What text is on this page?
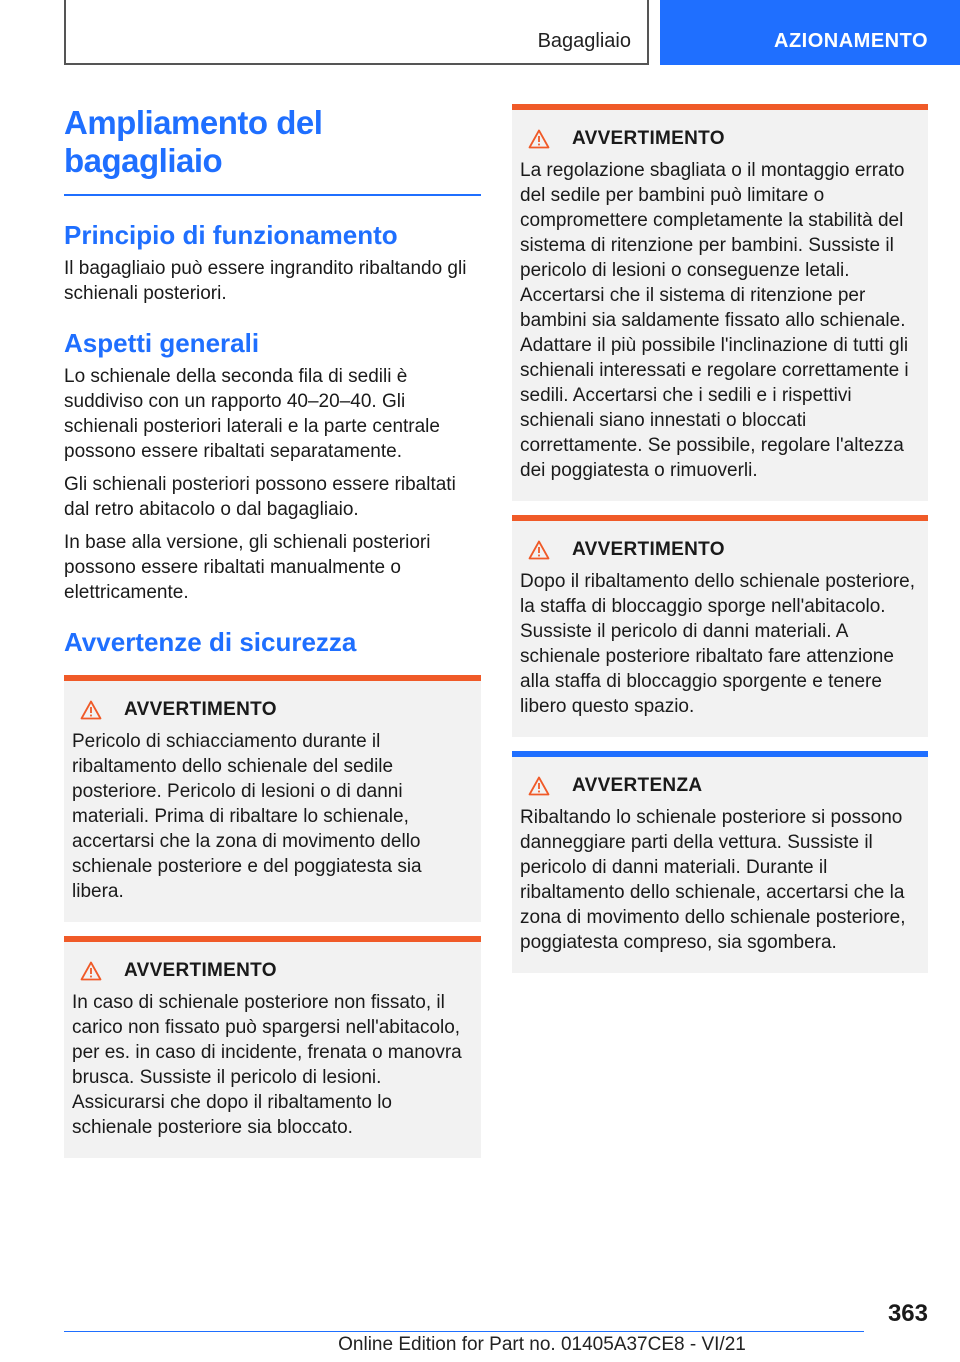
Bagagliaio	AZIONAMENTO
Ampliamento del bagagliaio
Principio di funzionamento

Il bagagliaio può essere ingrandito ribaltando gli schienali posteriori.

Aspetti generali

Lo schienale della seconda fila di sedili è suddiviso con un rapporto 40–20–40. Gli schienali posteriori laterali e la parte centrale possono essere ribaltati separatamente.

Gli schienali posteriori possono essere ribaltati dal retro abitacolo o dal bagagliaio.

In base alla versione, gli schienali posteriori possono essere ribaltati manualmente o elettricamente.

Avvertenze di sicurezza
AVVERTIMENTO

Pericolo di schiacciamento durante il ribaltamento dello schienale del sedile posteriore. Pericolo di lesioni o di danni materiali. Prima di ribaltare lo schienale, accertarsi che la zona di movimento dello schienale posteriore e del poggiatesta sia libera.

AVVERTIMENTO

In caso di schienale posteriore non fissato, il carico non fissato può spargersi nell'abitacolo, per es. in caso di incidente, frenata o manovra brusca. Sussiste il pericolo di lesioni. Assicurarsi che dopo il ribaltamento lo schienale posteriore sia bloccato.

AVVERTIMENTO

La regolazione sbagliata o il montaggio errato del sedile per bambini può limitare o compromettere completamente la stabilità del sistema di ritenzione per bambini. Sussiste il pericolo di lesioni o conseguenze letali. Accertarsi che il sistema di ritenzione per bambini sia saldamente fissato allo schienale. Adattare il più possibile l'inclinazione di tutti gli schienali interessati e regolare correttamente i sedili. Accertarsi che i sedili e i rispettivi schienali siano innestati o bloccati correttamente. Se possibile, regolare l'altezza dei poggiatesta o rimuoverli.

AVVERTIMENTO

Dopo il ribaltamento dello schienale posteriore, la staffa di bloccaggio sporge nell'abitacolo. Sussiste il pericolo di danni materiali. A schienale posteriore ribaltato fare attenzione alla staffa di bloccaggio sporgente e tenere libero questo spazio.

AVVERTENZA

Ribaltando lo schienale posteriore si possono danneggiare parti della vettura. Sussiste il pericolo di danni materiali. Durante il ribaltamento dello schienale, accertarsi che la zona di movimento dello schienale posteriore, poggiatesta compreso, sia sgombera.

363
Online Edition for Part no. 01405A37CE8 - VI/21
